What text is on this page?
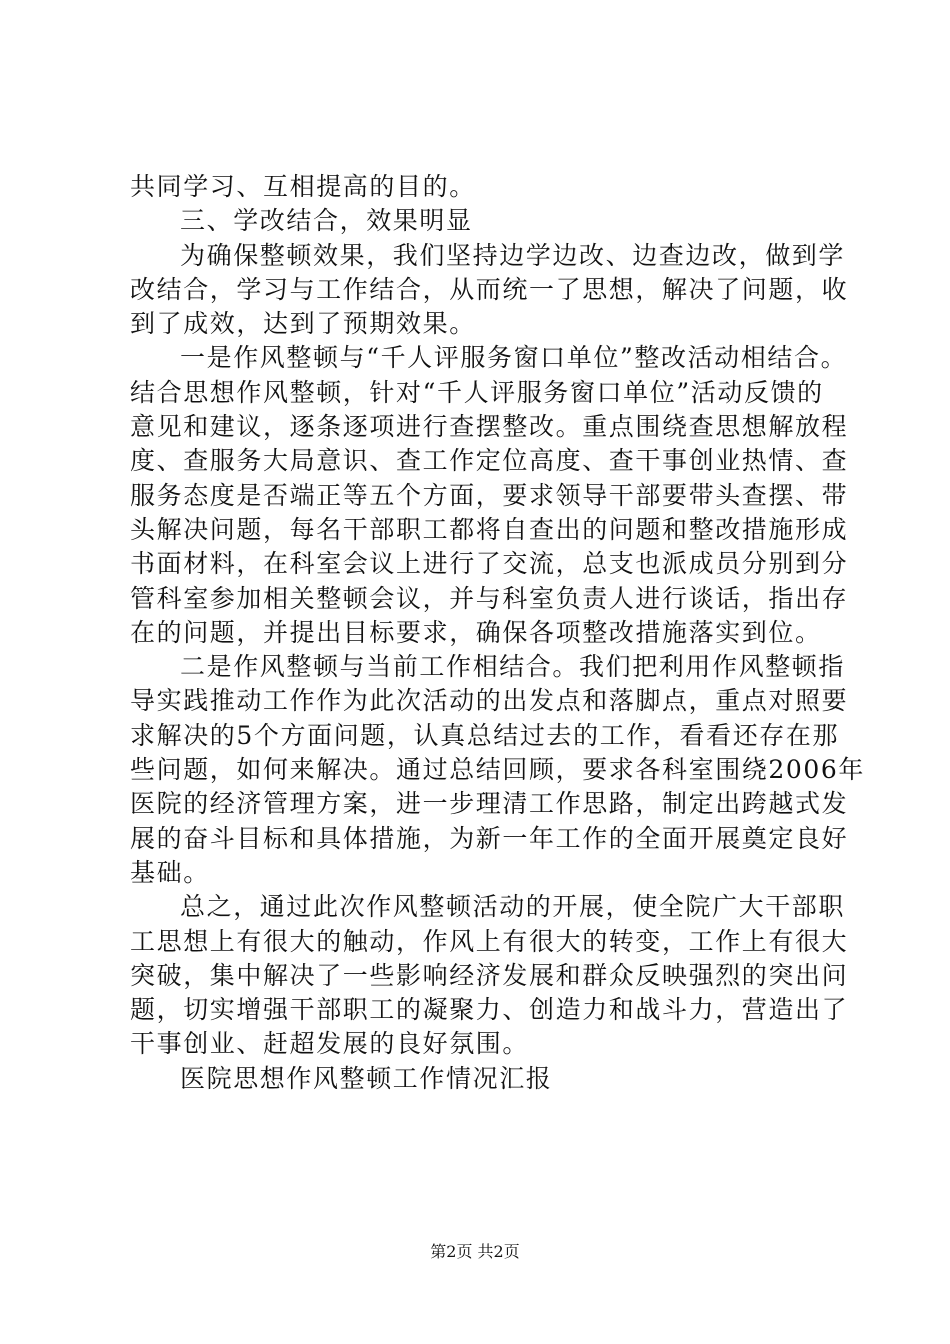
共同学习、互相提高的目的。
三、学改结合，效果明显
为确保整顿效果，我们坚持边学边改、边查边改，做到学
改结合，学习与工作结合，从而统一了思想，解决了问题，收
到了成效，达到了预期效果。
一是作风整顿与“千人评服务窗口单位”整改活动相结合。
结合思想作风整顿，针对“千人评服务窗口单位”活动反馈的
意见和建议，逐条逐项进行查摆整改。重点围绕查思想解放程
度、查服务大局意识、查工作定位高度、查干事创业热情、查
服务态度是否端正等五个方面，要求领导干部要带头查摆、带
头解决问题，每名干部职工都将自查出的问题和整改措施形成
书面材料，在科室会议上进行了交流，总支也派成员分别到分
管科室参加相关整顿会议，并与科室负责人进行谈话，指出存
在的问题，并提出目标要求，确保各项整改措施落实到位。
二是作风整顿与当前工作相结合。我们把利用作风整顿指
导实践推动工作作为此次活动的出发点和落脚点，重点对照要
求解决的5个方面问题，认真总结过去的工作，看看还存在那
些问题，如何来解决。通过总结回顾，要求各科室围绕2006年
医院的经济管理方案，进一步理清工作思路，制定出跨越式发
展的奋斗目标和具体措施，为新一年工作的全面开展奠定良好
基础。
总之，通过此次作风整顿活动的开展，使全院广大干部职
工思想上有很大的触动，作风上有很大的转变，工作上有很大
突破，集中解决了一些影响经济发展和群众反映强烈的突出问
题，切实增强干部职工的凝聚力、创造力和战斗力，营造出了
干事创业、赶超发展的良好氛围。
医院思想作风整顿工作情况汇报
第2页 共2页
